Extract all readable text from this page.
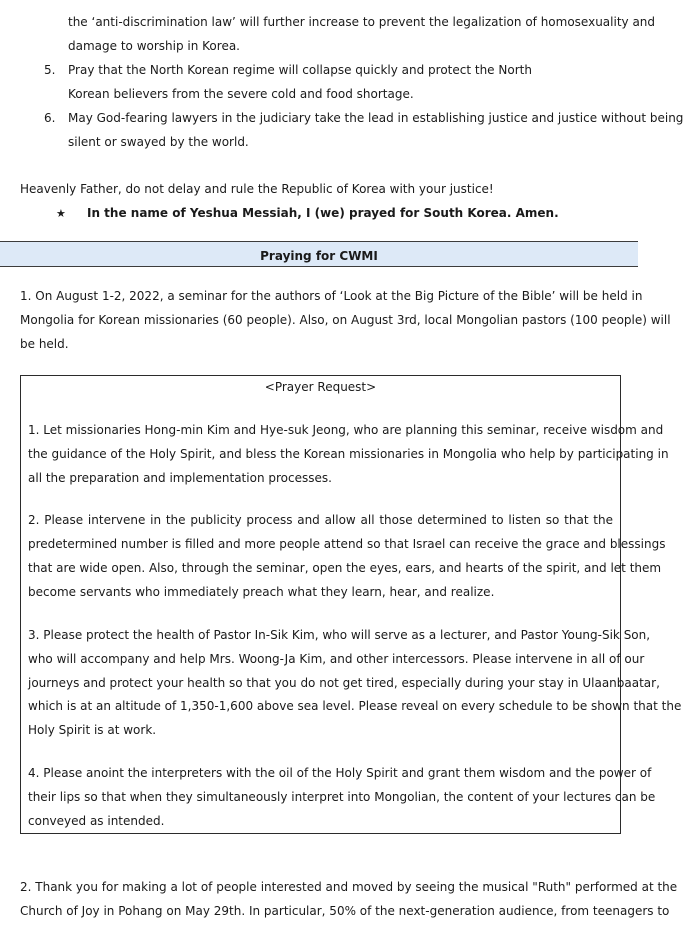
the ‘anti-discrimination law’ will further increase to prevent the legalization of homosexuality and
damage to worship in Korea.
5. Pray that the North Korean regime will collapse quickly and protect the North
Korean believers from the severe cold and food shortage.
6. May God-fearing lawyers in the judiciary take the lead in establishing justice and justice without being
silent or swayed by the world.
Heavenly Father, do not delay and rule the Republic of Korea with your justice!
★ In the name of Yeshua Messiah, I (we) prayed for South Korea. Amen.
Praying for CWMI
1. On August 1-2, 2022, a seminar for the authors of ‘Look at the Big Picture of the Bible’ will be held in
Mongolia for Korean missionaries (60 people). Also, on August 3rd, local Mongolian pastors (100 people) will
be held.
<Prayer Request>
1. Let missionaries Hong-min Kim and Hye-suk Jeong, who are planning this seminar, receive wisdom and
the guidance of the Holy Spirit, and bless the Korean missionaries in Mongolia who help by participating in
all the preparation and implementation processes.
2. Please intervene in the publicity process and allow all those determined to listen so that the
predetermined number is filled and more people attend so that Israel can receive the grace and blessings
that are wide open. Also, through the seminar, open the eyes, ears, and hearts of the spirit, and let them
become servants who immediately preach what they learn, hear, and realize.
3. Please protect the health of Pastor In-Sik Kim, who will serve as a lecturer, and Pastor Young-Sik Son,
who will accompany and help Mrs. Woong-Ja Kim, and other intercessors. Please intervene in all of our
journeys and protect your health so that you do not get tired, especially during your stay in Ulaanbaatar,
which is at an altitude of 1,350-1,600 above sea level. Please reveal on every schedule to be shown that the
Holy Spirit is at work.
4. Please anoint the interpreters with the oil of the Holy Spirit and grant them wisdom and the power of
their lips so that when they simultaneously interpret into Mongolian, the content of your lectures can be
conveyed as intended.
2. Thank you for making a lot of people interested and moved by seeing the musical "Ruth" performed at the
Church of Joy in Pohang on May 29th. In particular, 50% of the next-generation audience, from teenagers to
